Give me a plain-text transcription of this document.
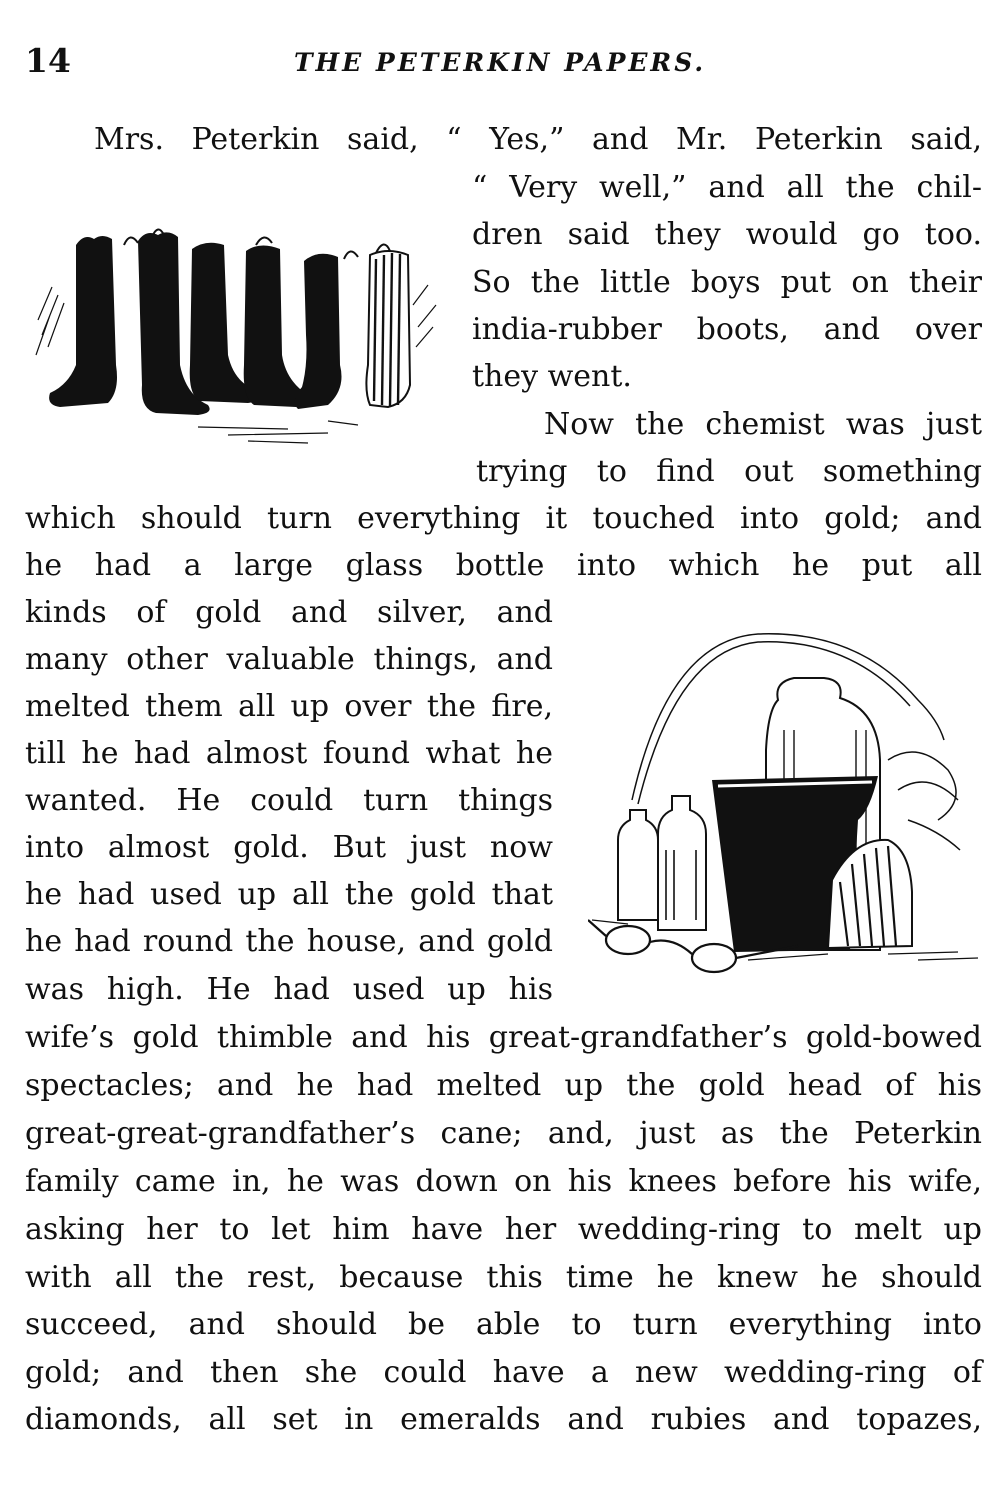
14	THE PETERKIN PAPERS.
Mrs. Peterkin said, “ Yes,” and Mr. Peterkin said,
“ Very well,” and all the chil-
dren said they would go too.
So the little boys put on their
india-rubber boots, and over
they went.
Now the chemist was just
trying to find out something
which should turn everything it touched into gold; and
he had a large glass bottle into which he put all
kinds of gold and silver, and
many other valuable things, and
melted them all up over the fire,
till he had almost found what he
wanted. He could turn things
into almost gold. But just now
he had used up all the gold that
he had round the house, and gold
was high. He had used up his
wife’s gold thimble and his great-grandfather’s gold-bowed
spectacles; and he had melted up the gold head of his
great-great-grandfather’s cane; and, just as the Peterkin
family came in, he was down on his knees before his wife,
asking her to let him have her wedding-ring to melt up
with all the rest, because this time he knew he should
succeed, and should be able to turn everything into
gold; and then she could have a new wedding-ring of
diamonds, all set in emeralds and rubies and topazes,
